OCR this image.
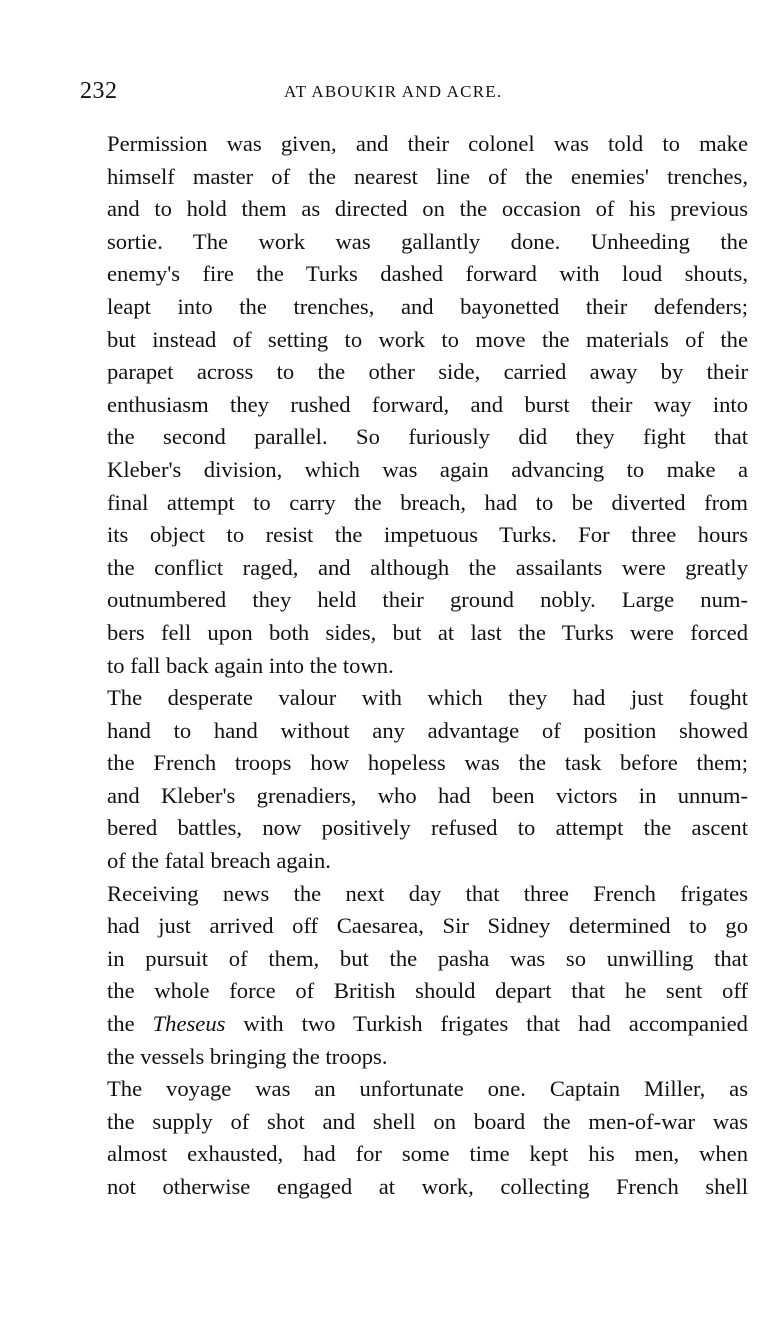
232	AT ABOUKIR AND ACRE.

Permission was given, and their colonel was told to make
himself master of the nearest line of the enemies' trenches,
and to hold them as directed on the occasion of his previous
sortie. The work was gallantly done. Unheeding the
enemy's fire the Turks dashed forward with loud shouts,
leapt into the trenches, and bayonetted their defenders;
but instead of setting to work to move the materials of the
parapet across to the other side, carried away by their
enthusiasm they rushed forward, and burst their way into
the second parallel. So furiously did they fight that
Kleber's division, which was again advancing to make a
final attempt to carry the breach, had to be diverted from
its object to resist the impetuous Turks. For three hours
the conflict raged, and although the assailants were greatly
outnumbered they held their ground nobly. Large num-
bers fell upon both sides, but at last the Turks were forced
to fall back again into the town.

The desperate valour with which they had just fought
hand to hand without any advantage of position showed
the French troops how hopeless was the task before them;
and Kleber's grenadiers, who had been victors in unnum-
bered battles, now positively refused to attempt the ascent
of the fatal breach again.

Receiving news the next day that three French frigates
had just arrived off Caesarea, Sir Sidney determined to go
in pursuit of them, but the pasha was so unwilling that
the whole force of British should depart that he sent off
the Theseus with two Turkish frigates that had accompanied
the vessels bringing the troops.

The voyage was an unfortunate one. Captain Miller, as
the supply of shot and shell on board the men-of-war was
almost exhausted, had for some time kept his men, when
not otherwise engaged at work, collecting French shell
